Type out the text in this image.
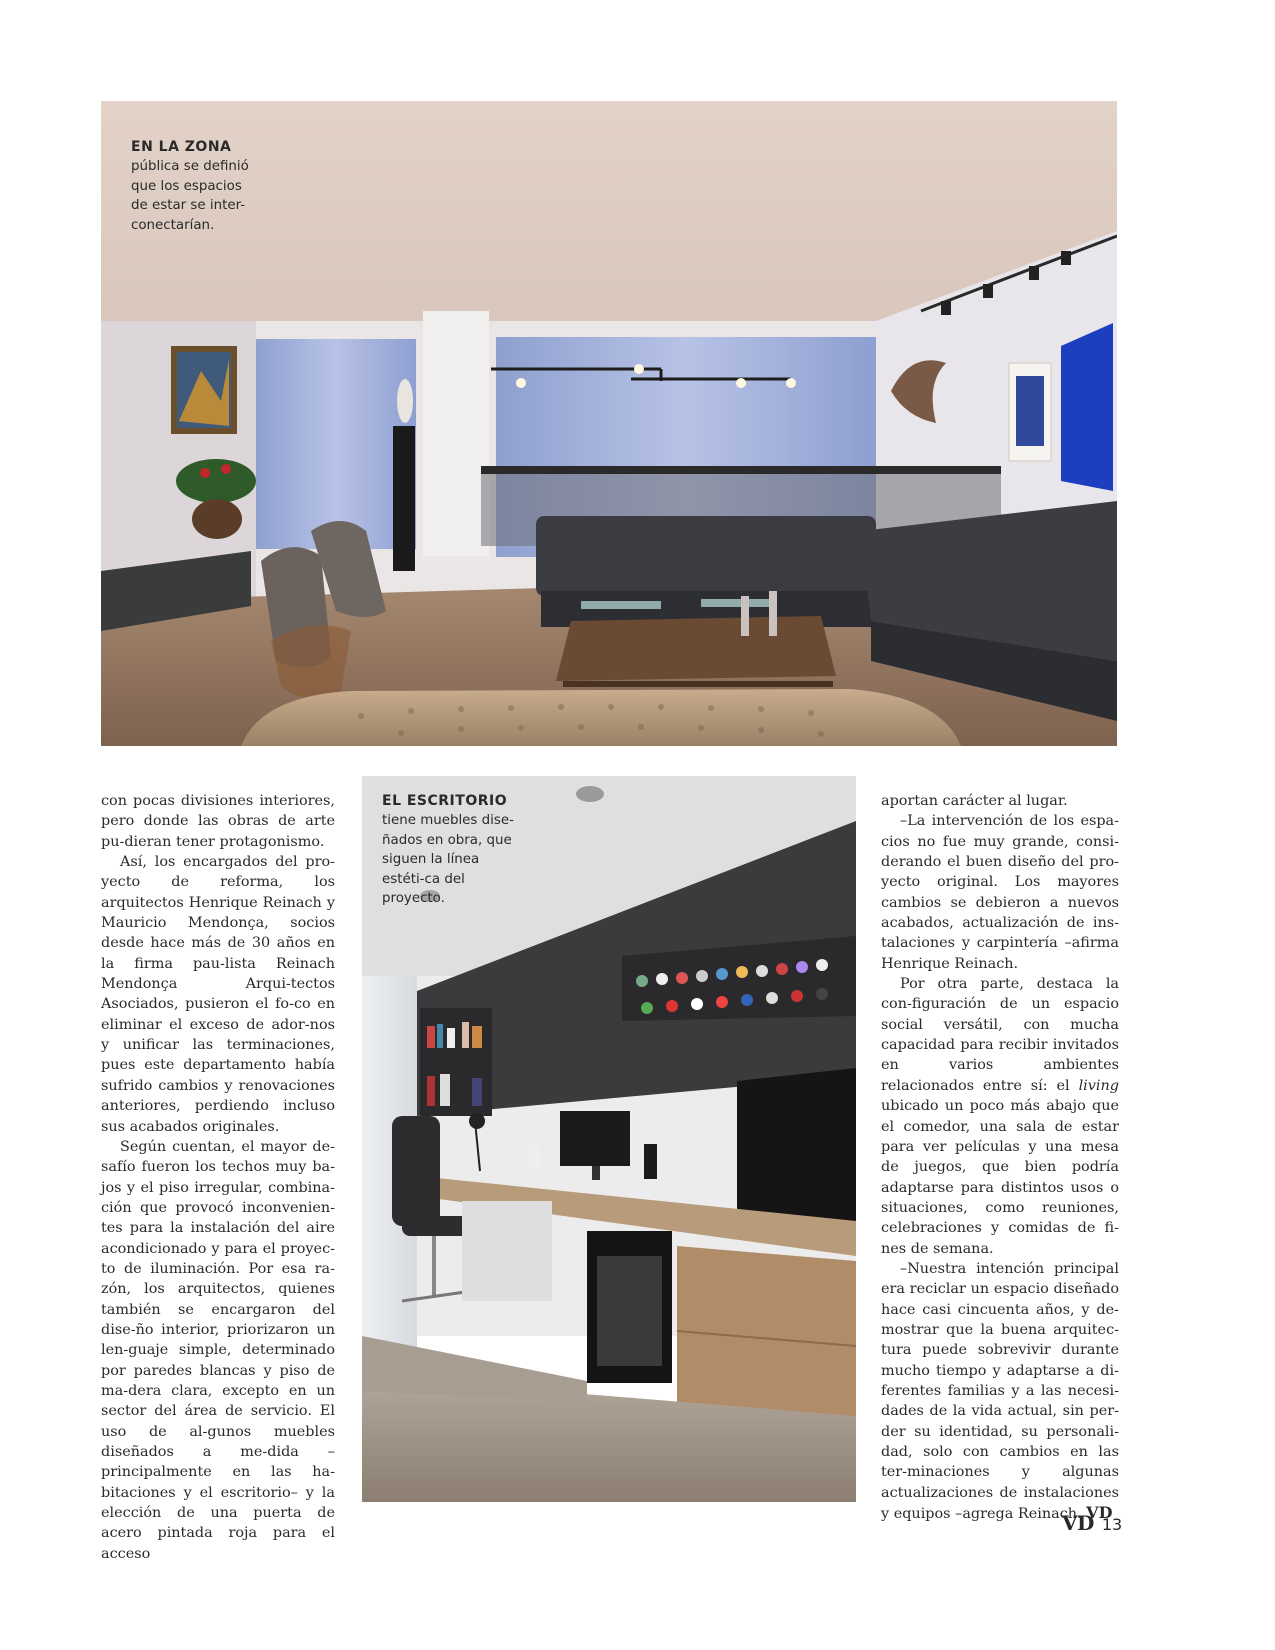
EN LA ZONA
pública se definió que los espacios de estar se inter-conectarían.
EL ESCRITORIO
tiene muebles dise-ñados en obra, que siguen la línea estéti-ca del proyecto.

con pocas divisiones interiores, pero donde las obras de arte pu-dieran tener protagonismo.

Así, los encargados del pro-yecto de reforma, los arquitectos Henrique Reinach y Mauricio Mendonça, socios desde hace más de 30 años en la firma pau-lista Reinach Mendonça Arqui-tectos Asociados, pusieron el fo-co en eliminar el exceso de ador-nos y unificar las terminaciones, pues este departamento había sufrido cambios y renovaciones anteriores, perdiendo incluso sus acabados originales.

Según cuentan, el mayor de-safío fueron los techos muy ba-jos y el piso irregular, combina-ción que provocó inconvenien-tes para la instalación del aire acondicionado y para el proyec-to de iluminación. Por esa ra-zón, los arquitectos, quienes también se encargaron del dise-ño interior, priorizaron un len-guaje simple, determinado por paredes blancas y piso de ma-dera clara, excepto en un sector del área de servicio. El uso de al-gunos muebles diseñados a me-dida –principalmente en las ha-bitaciones y el escritorio– y la elección de una puerta de acero pintada roja para el acceso

aportan carácter al lugar.

–La intervención de los espa-cios no fue muy grande, consi-derando el buen diseño del pro-yecto original. Los mayores cambios se debieron a nuevos acabados, actualización de ins-talaciones y carpintería –afirma Henrique Reinach.

Por otra parte, destaca la con-figuración de un espacio social versátil, con mucha capacidad para recibir invitados en varios ambientes relacionados entre sí: el living ubicado un poco más abajo que el comedor, una sala de estar para ver películas y una mesa de juegos, que bien podría adaptarse para distintos usos o situaciones, como reuniones, celebraciones y comidas de fi-nes de semana.

–Nuestra intención principal era reciclar un espacio diseñado hace casi cincuenta años, y de-mostrar que la buena arquitec-tura puede sobrevivir durante mucho tiempo y adaptarse a di-ferentes familias y a las necesi-dades de la vida actual, sin per-der su identidad, su personali-dad, solo con cambios en las ter-minaciones y algunas actualizaciones de instalaciones y equipos –agrega Reinach. VD

VD 13
